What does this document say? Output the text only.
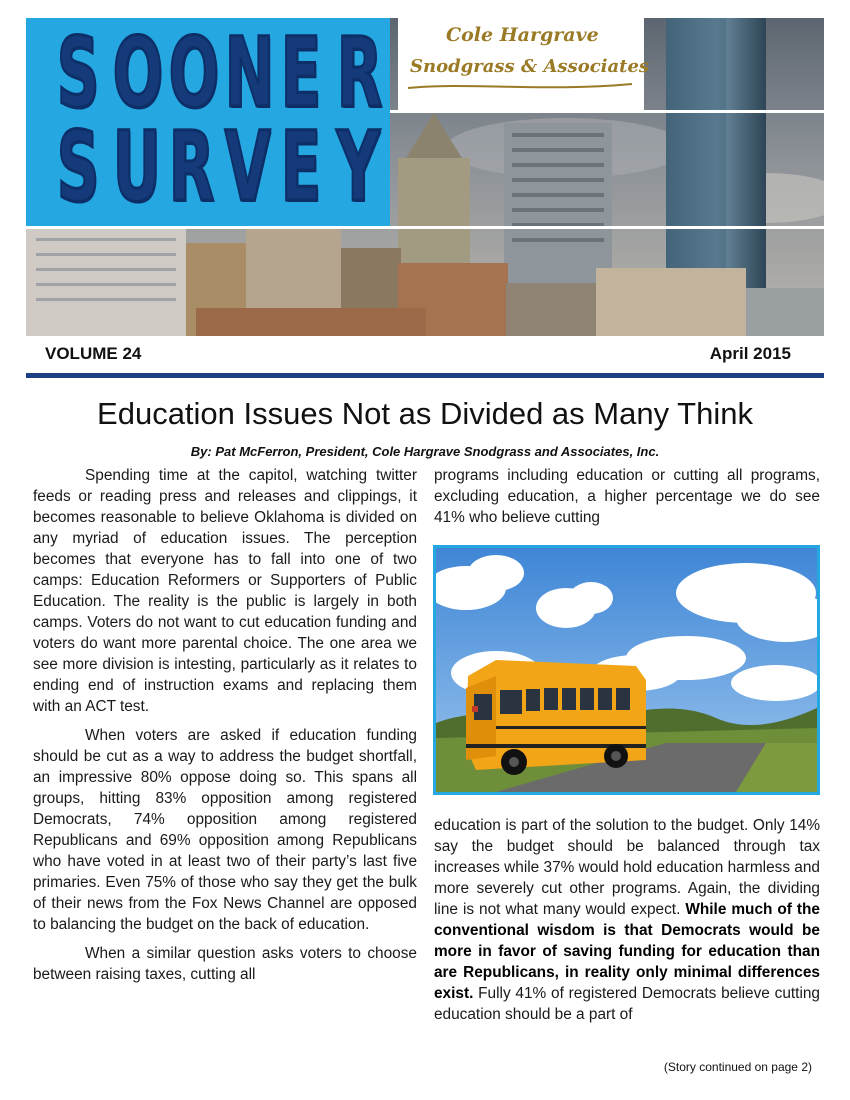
S O O N E R
S U R V E Y
Cole Hargrave
Snodgrass & Associates
VOLUME 24	April 2015
Education Issues Not as Divided as Many Think
By: Pat McFerron, President, Cole Hargrave Snodgrass and Associates, Inc.

Spending time at the capitol, watching twitter feeds or reading press and releases and clippings, it becomes reasonable to believe Oklahoma is divided on any myriad of education issues. The perception becomes that everyone has to fall into one of two camps: Education Reformers or Supporters of Public Education. The reality is the public is largely in both camps. Voters do not want to cut education funding and voters do want more parental choice. The one area we see more division is intesting, particularly as it relates to ending end of instruction exams and replacing them with an ACT test.

When voters are asked if education funding should be cut as a way to address the budget shortfall, an impressive 80% oppose doing so. This spans all groups, hitting 83% opposition among registered Democrats, 74% opposition among registered Republicans and 69% opposition among Republicans who have voted in at least two of their party’s last five primaries. Even 75% of those who say they get the bulk of their news from the Fox News Channel are opposed to balancing the budget on the back of education.

When a similar question asks voters to choose between raising taxes, cutting all

programs including education or cutting all programs, excluding education, a higher percentage we do see 41% who believe cutting

education is part of the solution to the budget. Only 14% say the budget should be balanced through tax increases while 37% would hold education harmless and more severely cut other programs. Again, the dividing line is not what many would expect. While much of the conventional wisdom is that Democrats would be more in favor of saving funding for education than are Republicans, in reality only minimal differences exist. Fully 41% of registered Democrats believe cutting education should be a part of

(Story continued on page 2)
